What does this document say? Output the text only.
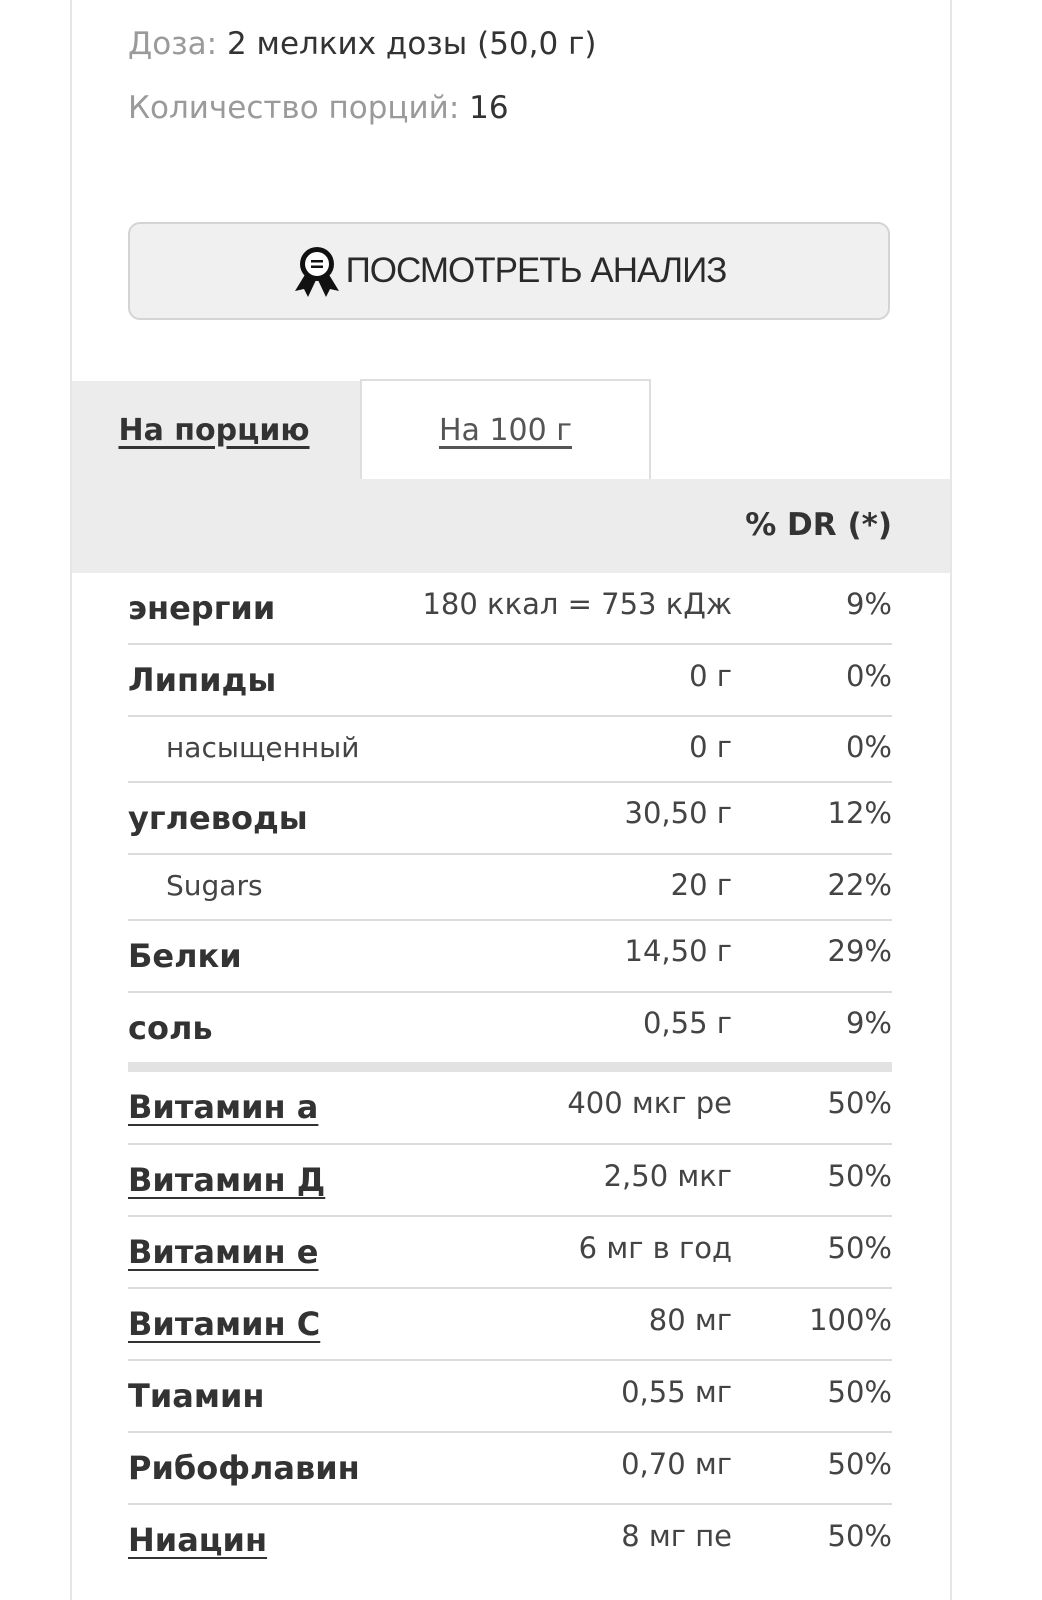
Доза: 2 мелких дозы (50,0 г)
Количество порций: 16
ПОСМОТРЕТЬ АНАЛИЗ
На порцию	На 100 г
% DR (*)
энергии	180 ккал = 753 кДж	9%
Липиды	0 г	0%
насыщенный	0 г	0%
углеводы	30,50 г	12%
Sugars	20 г	22%
Белки	14,50 г	29%
соль	0,55 г	9%
Витамин а	400 мкг ре	50%
Витамин Д	2,50 мкг	50%
Витамин е	6 мг в год	50%
Витамин С	80 мг	100%
Тиамин	0,55 мг	50%
Рибофлавин	0,70 мг	50%
Ниацин	8 мг пе	50%
